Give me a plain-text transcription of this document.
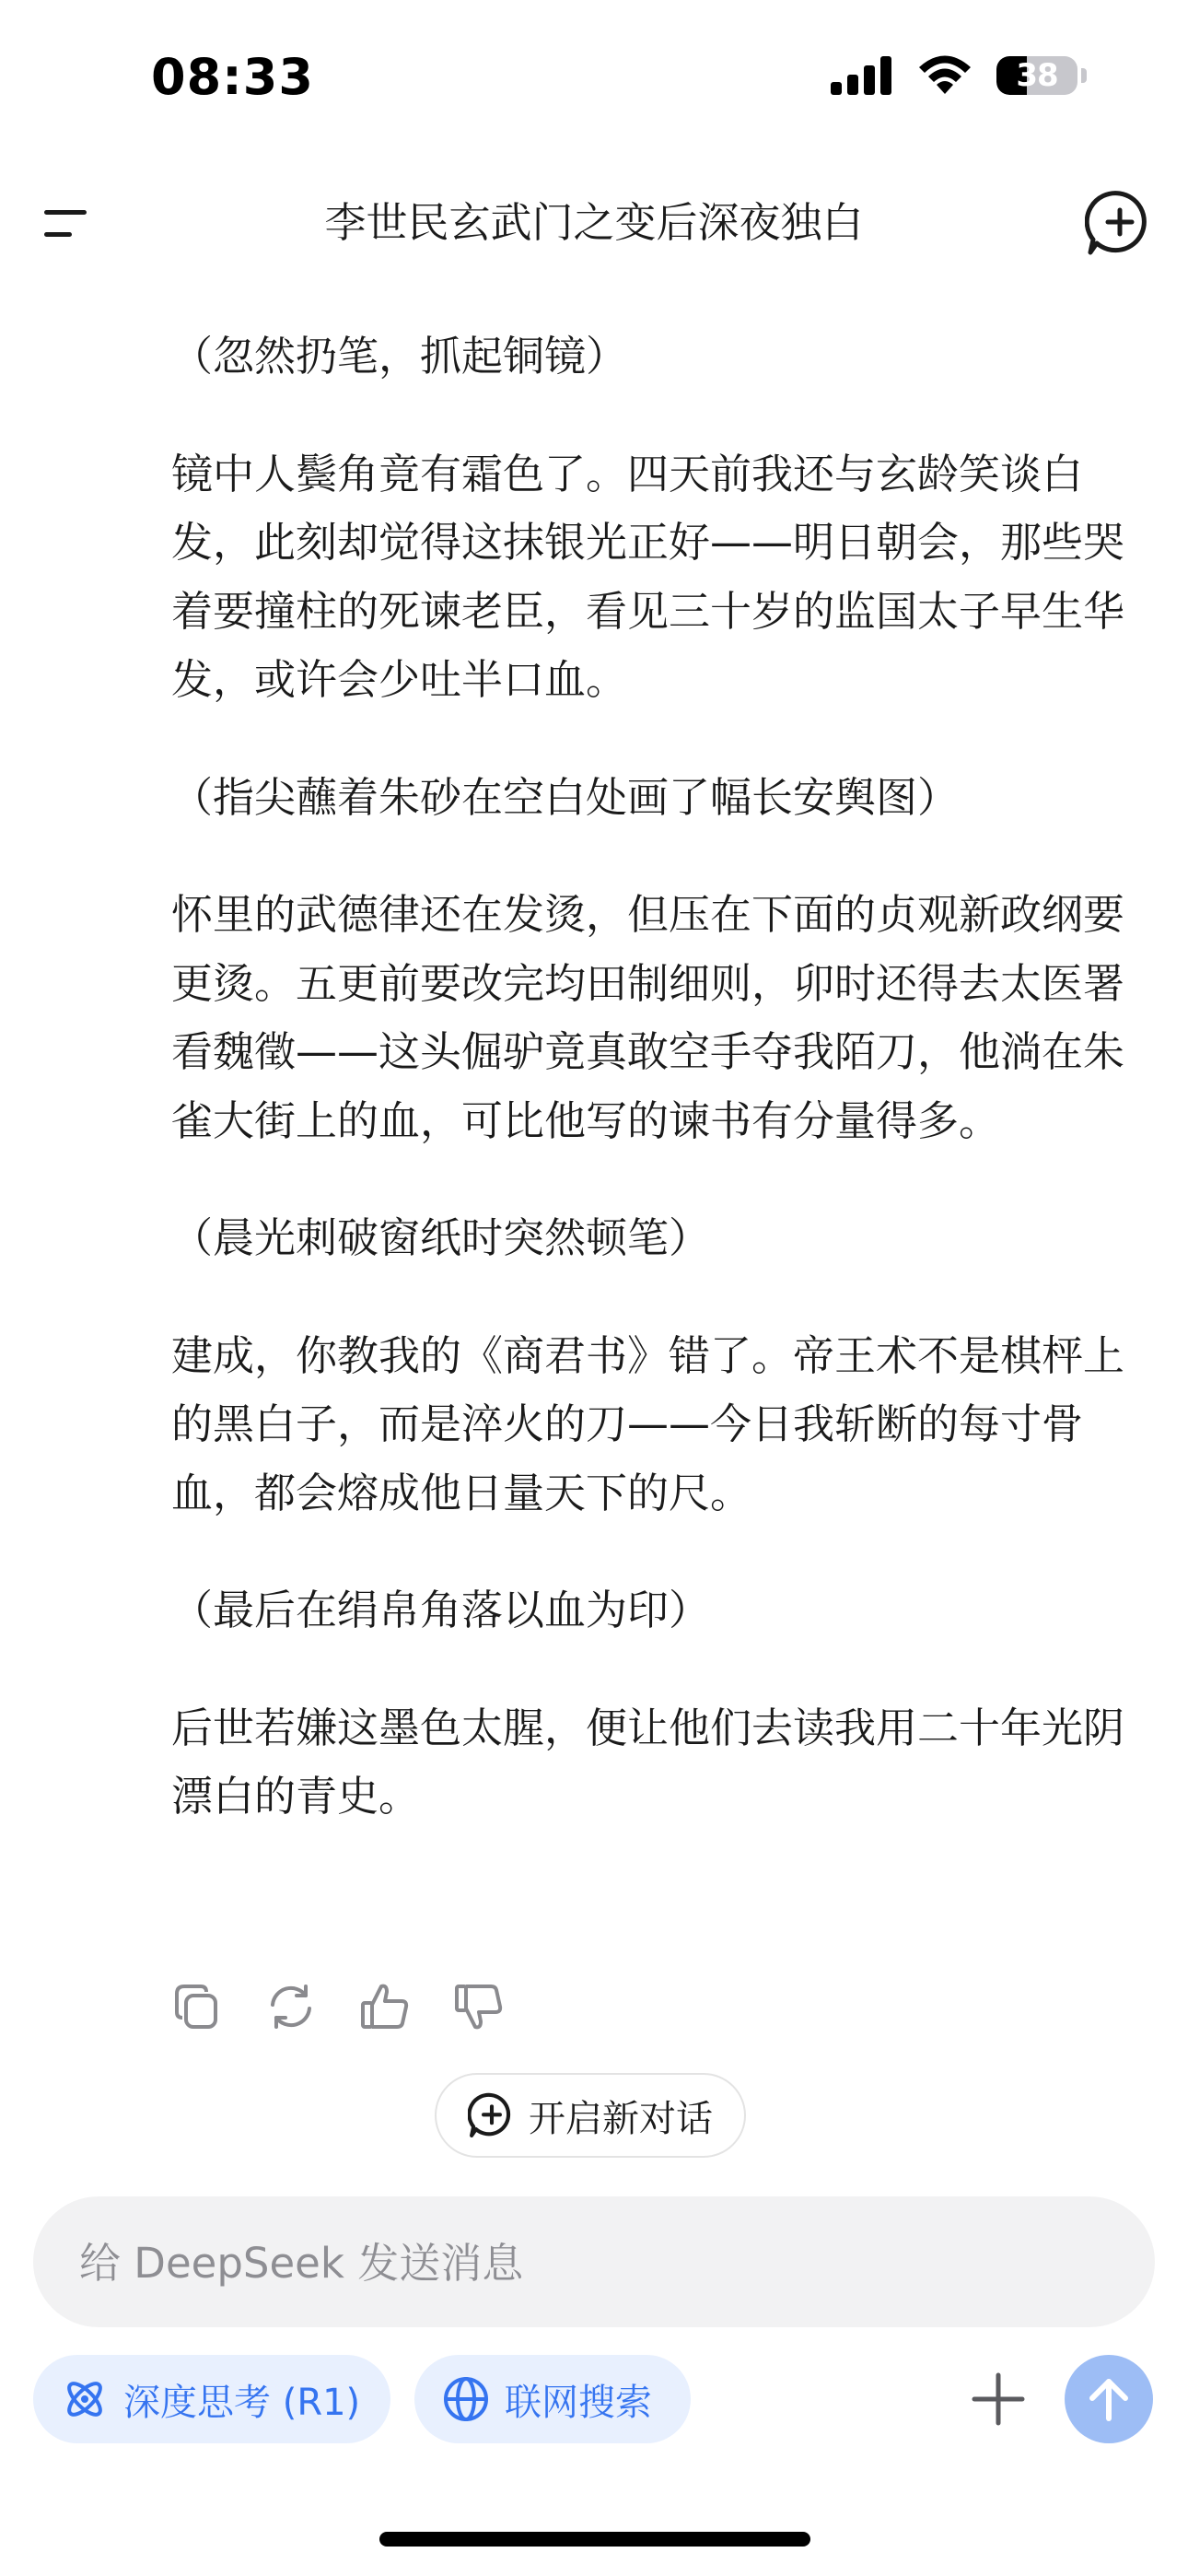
08:33	38
李世民玄武门之变后深夜独白

（忽然扔笔，抓起铜镜）

镜中人鬓角竟有霜色了。四天前我还与玄龄笑谈白发，此刻却觉得这抹银光正好——明日朝会，那些哭着要撞柱的死谏老臣，看见三十岁的监国太子早生华发，或许会少吐半口血。

（指尖蘸着朱砂在空白处画了幅长安舆图）

怀里的武德律还在发烫，但压在下面的贞观新政纲要更烫。五更前要改完均田制细则，卯时还得去太医署看魏徵——这头倔驴竟真敢空手夺我陌刀，他淌在朱雀大街上的血，可比他写的谏书有分量得多。

（晨光刺破窗纸时突然顿笔）

建成，你教我的《商君书》错了。帝王术不是棋枰上的黑白子，而是淬火的刀——今日我斩断的每寸骨血，都会熔成他日量天下的尺。

（最后在绢帛角落以血为印）

后世若嫌这墨色太腥，便让他们去读我用二十年光阴漂白的青史。

开启新对话
给 DeepSeek 发送消息
深度思考 (R1)	联网搜索
